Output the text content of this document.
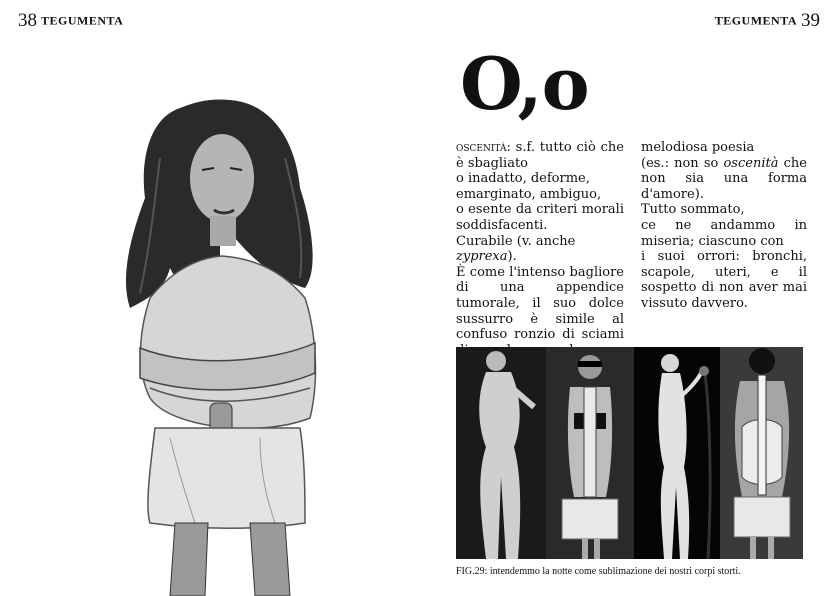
38 TEGUMENTA	TEGUMENTA 39
O,o

oscenità: s.f. tutto ciò che è sbagliato
o inadatto, deforme,
emarginato, ambiguo,
o esente da criteri morali soddisfacenti.
Curabile (v. anche
zyprexa).
È come l'intenso bagliore di una appendice tumorale, il suo dolce sussurro è simile al confuso ronzio di sciami

melodiosa poesia
(es.: non so oscenità che non sia una forma d'amore).
Tutto sommato,
ce ne andammo in miseria; ciascuno con
i suoi orrori: bronchi, scapole, uteri, e il sospetto di non aver mai vissuto davvero.

FIG.29: intendemmo la notte come sublimazione dei nostri corpi storti.
